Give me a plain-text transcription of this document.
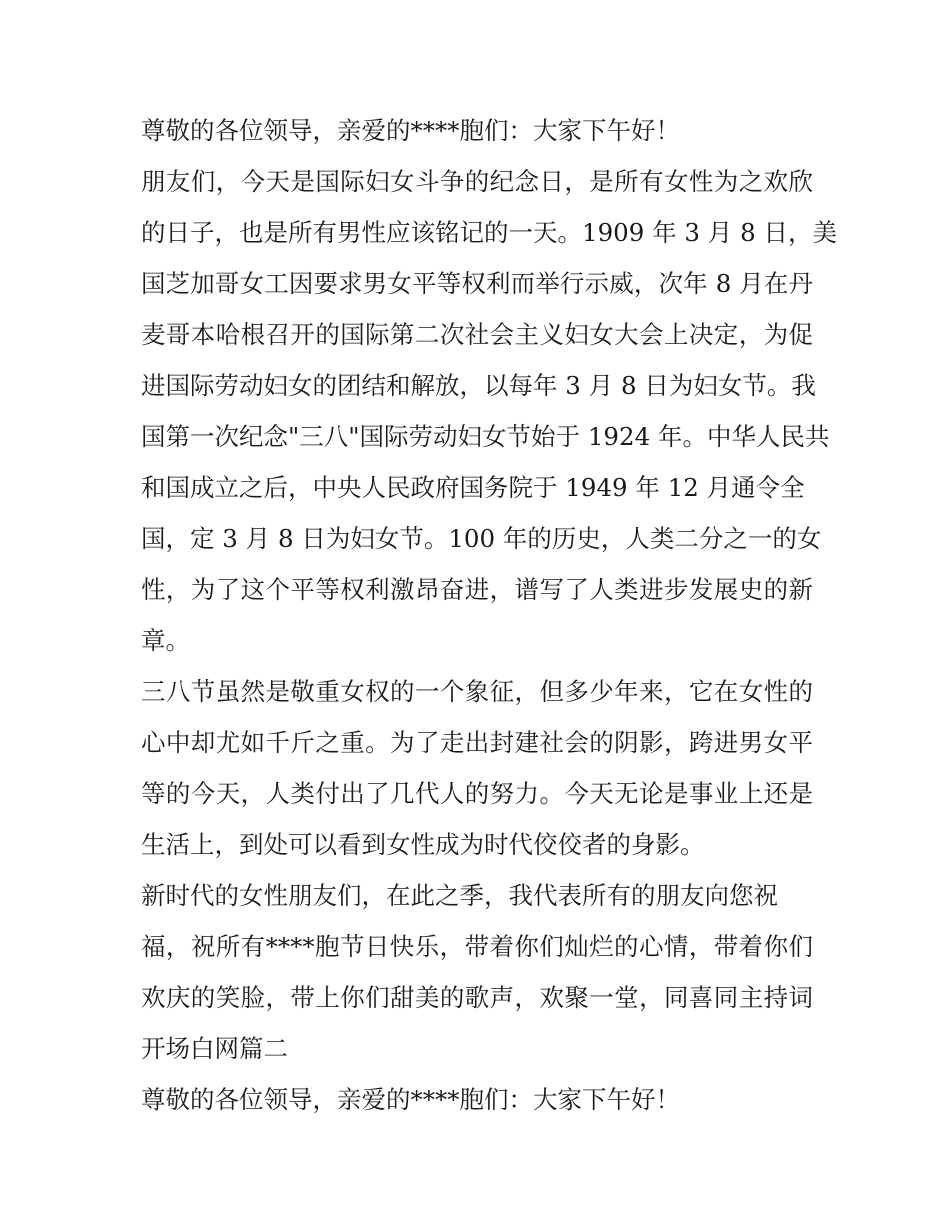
尊敬的各位领导，亲爱的****胞们：大家下午好！
朋友们，今天是国际妇女斗争的纪念日，是所有女性为之欢欣
的日子，也是所有男性应该铭记的一天。1909 年 3 月 8 日，美
国芝加哥女工因要求男女平等权利而举行示威，次年 8 月在丹
麦哥本哈根召开的国际第二次社会主义妇女大会上决定，为促
进国际劳动妇女的团结和解放，以每年 3 月 8 日为妇女节。我
国第一次纪念"三八"国际劳动妇女节始于 1924 年。中华人民共
和国成立之后，中央人民政府国务院于 1949 年 12 月通令全
国，定 3 月 8 日为妇女节。100 年的历史，人类二分之一的女
性，为了这个平等权利激昂奋进，谱写了人类进步发展史的新
章。
三八节虽然是敬重女权的一个象征，但多少年来，它在女性的
心中却尤如千斤之重。为了走出封建社会的阴影，跨进男女平
等的今天，人类付出了几代人的努力。今天无论是事业上还是
生活上，到处可以看到女性成为时代佼佼者的身影。
新时代的女性朋友们，在此之季，我代表所有的朋友向您祝
福，祝所有****胞节日快乐，带着你们灿烂的心情，带着你们
欢庆的笑脸，带上你们甜美的歌声，欢聚一堂，同喜同主持词
开场白网篇二
尊敬的各位领导，亲爱的****胞们：大家下午好！
